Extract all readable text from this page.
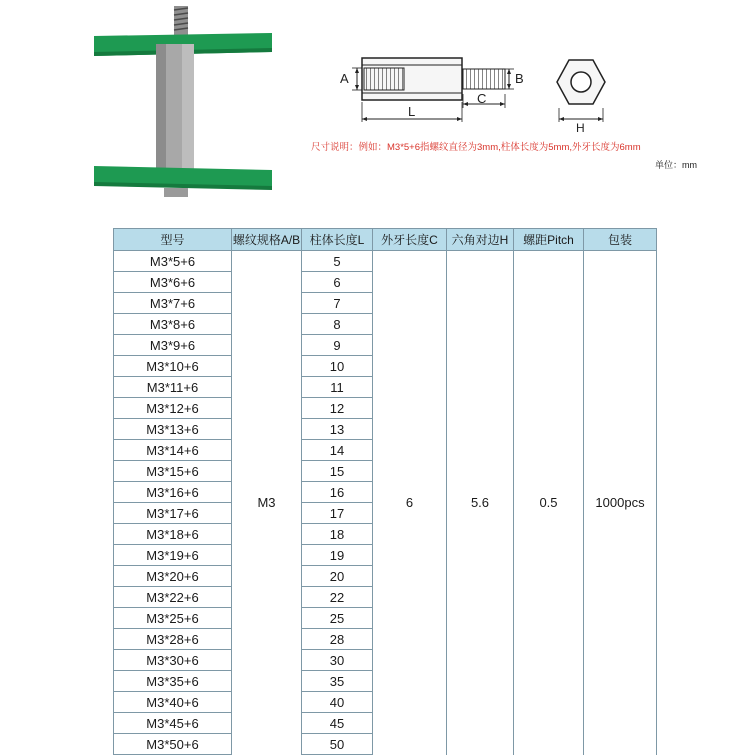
A	B
C
L
H
尺寸说明：例如：M3*5+6指螺纹直径为3mm,柱体长度为5mm,外牙长度为6mm
单位：mm
型号	螺纹规格A/B	柱体长度L	外牙长度C	六角对边H	螺距Pitch	包装
M3*5+6	M3	5	6	5.6	0.5	1000pcs
M3*6+6		6				
M3*7+6		7				
M3*8+6		8				
M3*9+6		9				
M3*10+6		10				
M3*11+6		11				
M3*12+6		12				
M3*13+6		13				
M3*14+6		14				
M3*15+6		15				
M3*16+6		16				
M3*17+6		17				
M3*18+6		18				
M3*19+6		19				
M3*20+6		20				
M3*22+6		22				
M3*25+6		25				
M3*28+6		28				
M3*30+6		30				
M3*35+6		35				
M3*40+6		40				
M3*45+6		45				
M3*50+6		50				
